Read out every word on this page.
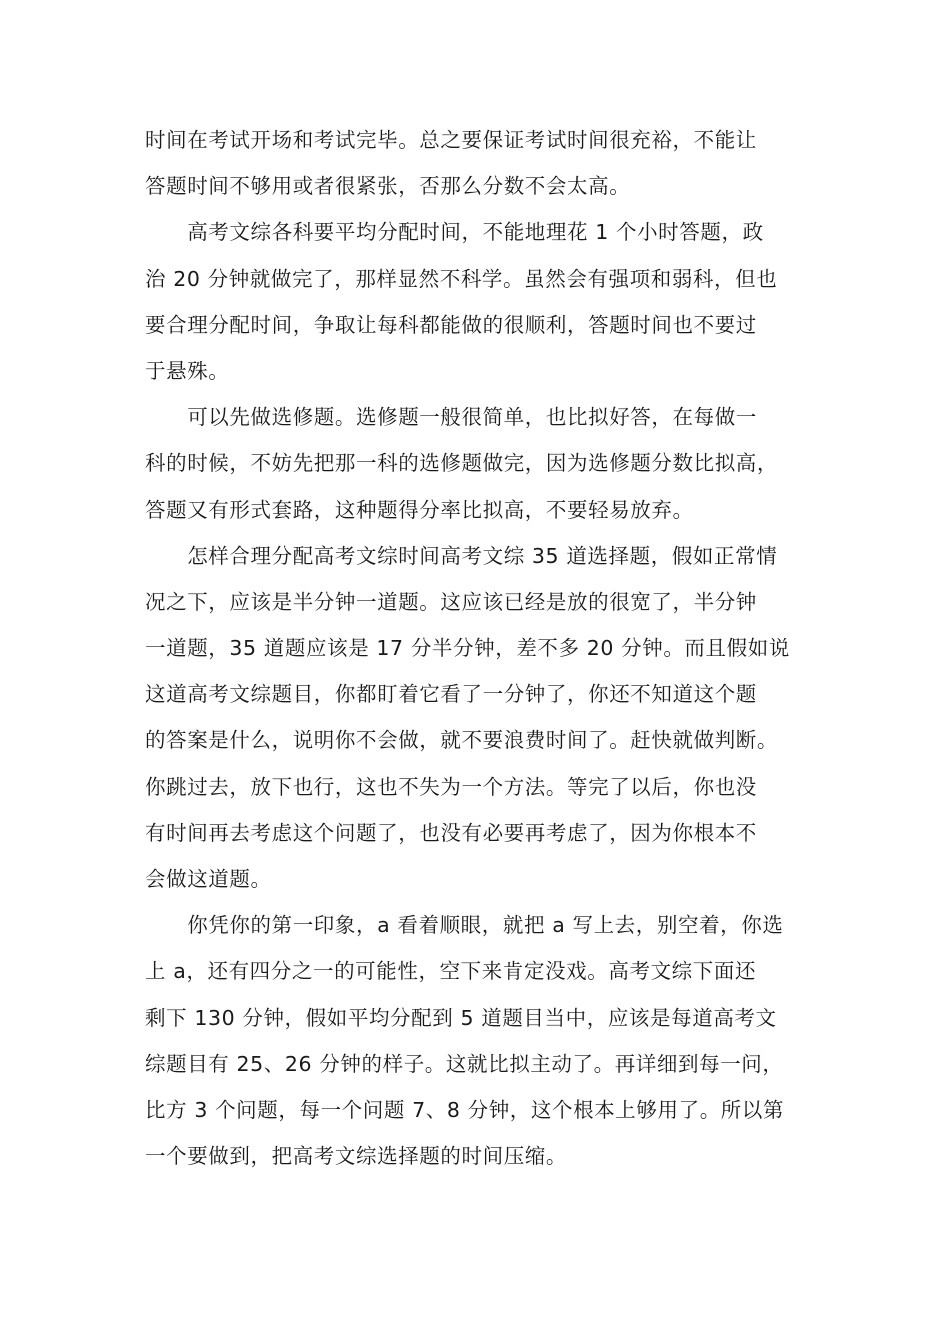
时间在考试开场和考试完毕。总之要保证考试时间很充裕，不能让
答题时间不够用或者很紧张，否那么分数不会太高。

　　高考文综各科要平均分配时间，不能地理花 1 个小时答题，政
治 20 分钟就做完了，那样显然不科学。虽然会有强项和弱科，但也
要合理分配时间，争取让每科都能做的很顺利，答题时间也不要过
于悬殊。

　　可以先做选修题。选修题一般很简单，也比拟好答，在每做一
科的时候，不妨先把那一科的选修题做完，因为选修题分数比拟高，
答题又有形式套路，这种题得分率比拟高，不要轻易放弃。

　　怎样合理分配高考文综时间高考文综 35 道选择题，假如正常情
况之下，应该是半分钟一道题。这应该已经是放的很宽了，半分钟
一道题，35 道题应该是 17 分半分钟，差不多 20 分钟。而且假如说
这道高考文综题目，你都盯着它看了一分钟了，你还不知道这个题
的答案是什么，说明你不会做，就不要浪费时间了。赶快就做判断。
你跳过去，放下也行，这也不失为一个方法。等完了以后，你也没
有时间再去考虑这个问题了，也没有必要再考虑了，因为你根本不
会做这道题。

　　你凭你的第一印象，a 看着顺眼，就把 a 写上去，别空着，你选
上 a，还有四分之一的可能性，空下来肯定没戏。高考文综下面还
剩下 130 分钟，假如平均分配到 5 道题目当中，应该是每道高考文
综题目有 25、26 分钟的样子。这就比拟主动了。再详细到每一问，
比方 3 个问题，每一个问题 7、8 分钟，这个根本上够用了。所以第
一个要做到，把高考文综选择题的时间压缩。
